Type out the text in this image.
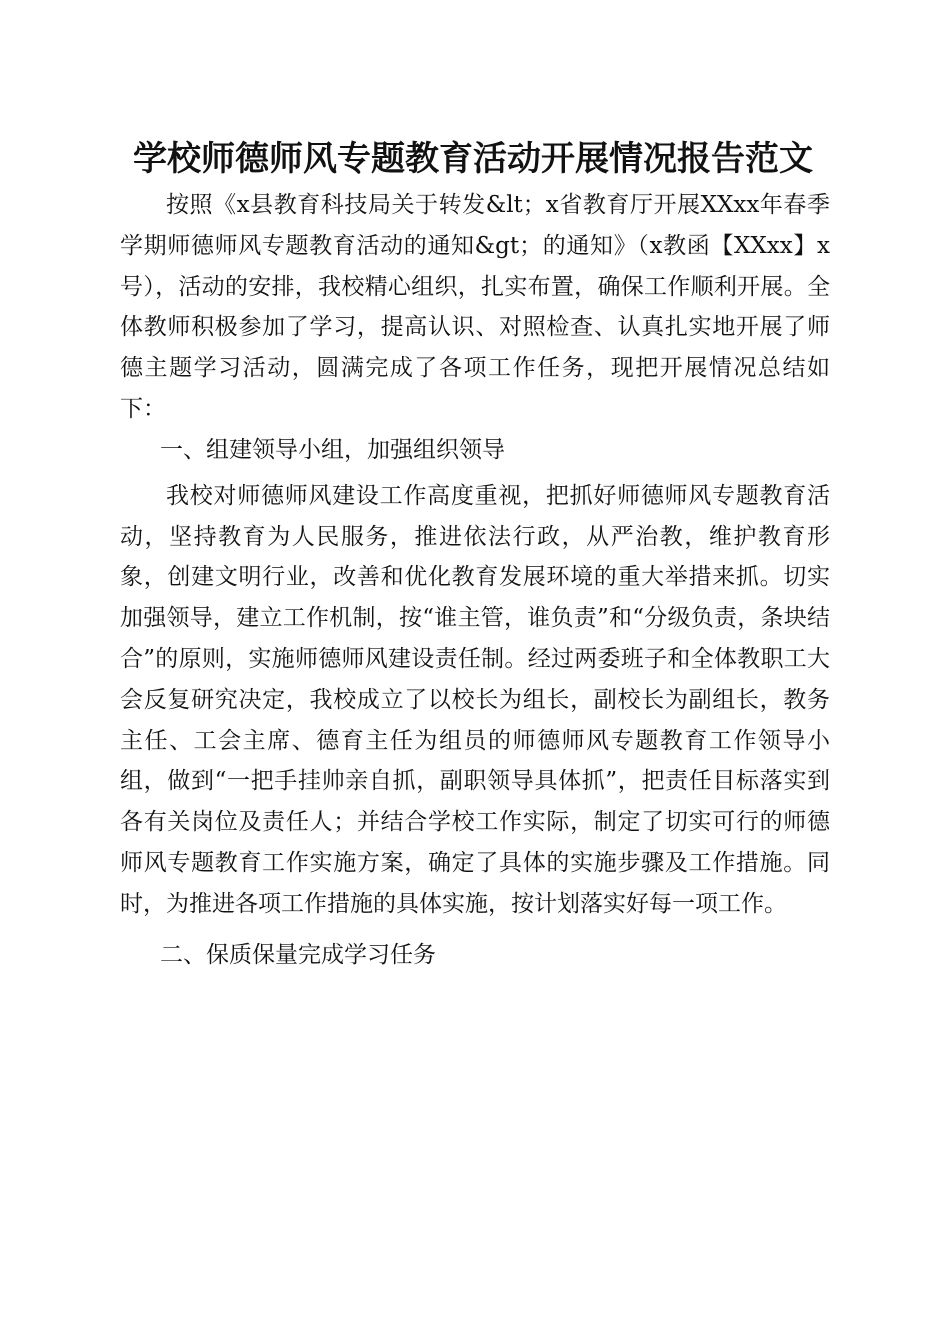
学校师德师风专题教育活动开展情况报告范文

按照《x县教育科技局关于转发&lt；x省教育厅开展XXxx年春季学期师德师风专题教育活动的通知&gt；的通知》（x教函【XXxx】x号），活动的安排，我校精心组织，扎实布置，确保工作顺利开展。全体教师积极参加了学习，提高认识、对照检查、认真扎实地开展了师德主题学习活动，圆满完成了各项工作任务，现把开展情况总结如下：

一、组建领导小组，加强组织领导

我校对师德师风建设工作高度重视，把抓好师德师风专题教育活动，坚持教育为人民服务，推进依法行政，从严治教，维护教育形象，创建文明行业，改善和优化教育发展环境的重大举措来抓。切实加强领导，建立工作机制，按“谁主管，谁负责”和“分级负责，条块结合”的原则，实施师德师风建设责任制。经过两委班子和全体教职工大会反复研究决定，我校成立了以校长为组长，副校长为副组长，教务主任、工会主席、德育主任为组员的师德师风专题教育工作领导小组，做到“一把手挂帅亲自抓，副职领导具体抓”，把责任目标落实到各有关岗位及责任人；并结合学校工作实际，制定了切实可行的师德师风专题教育工作实施方案，确定了具体的实施步骤及工作措施。同时，为推进各项工作措施的具体实施，按计划落实好每一项工作。

二、保质保量完成学习任务
